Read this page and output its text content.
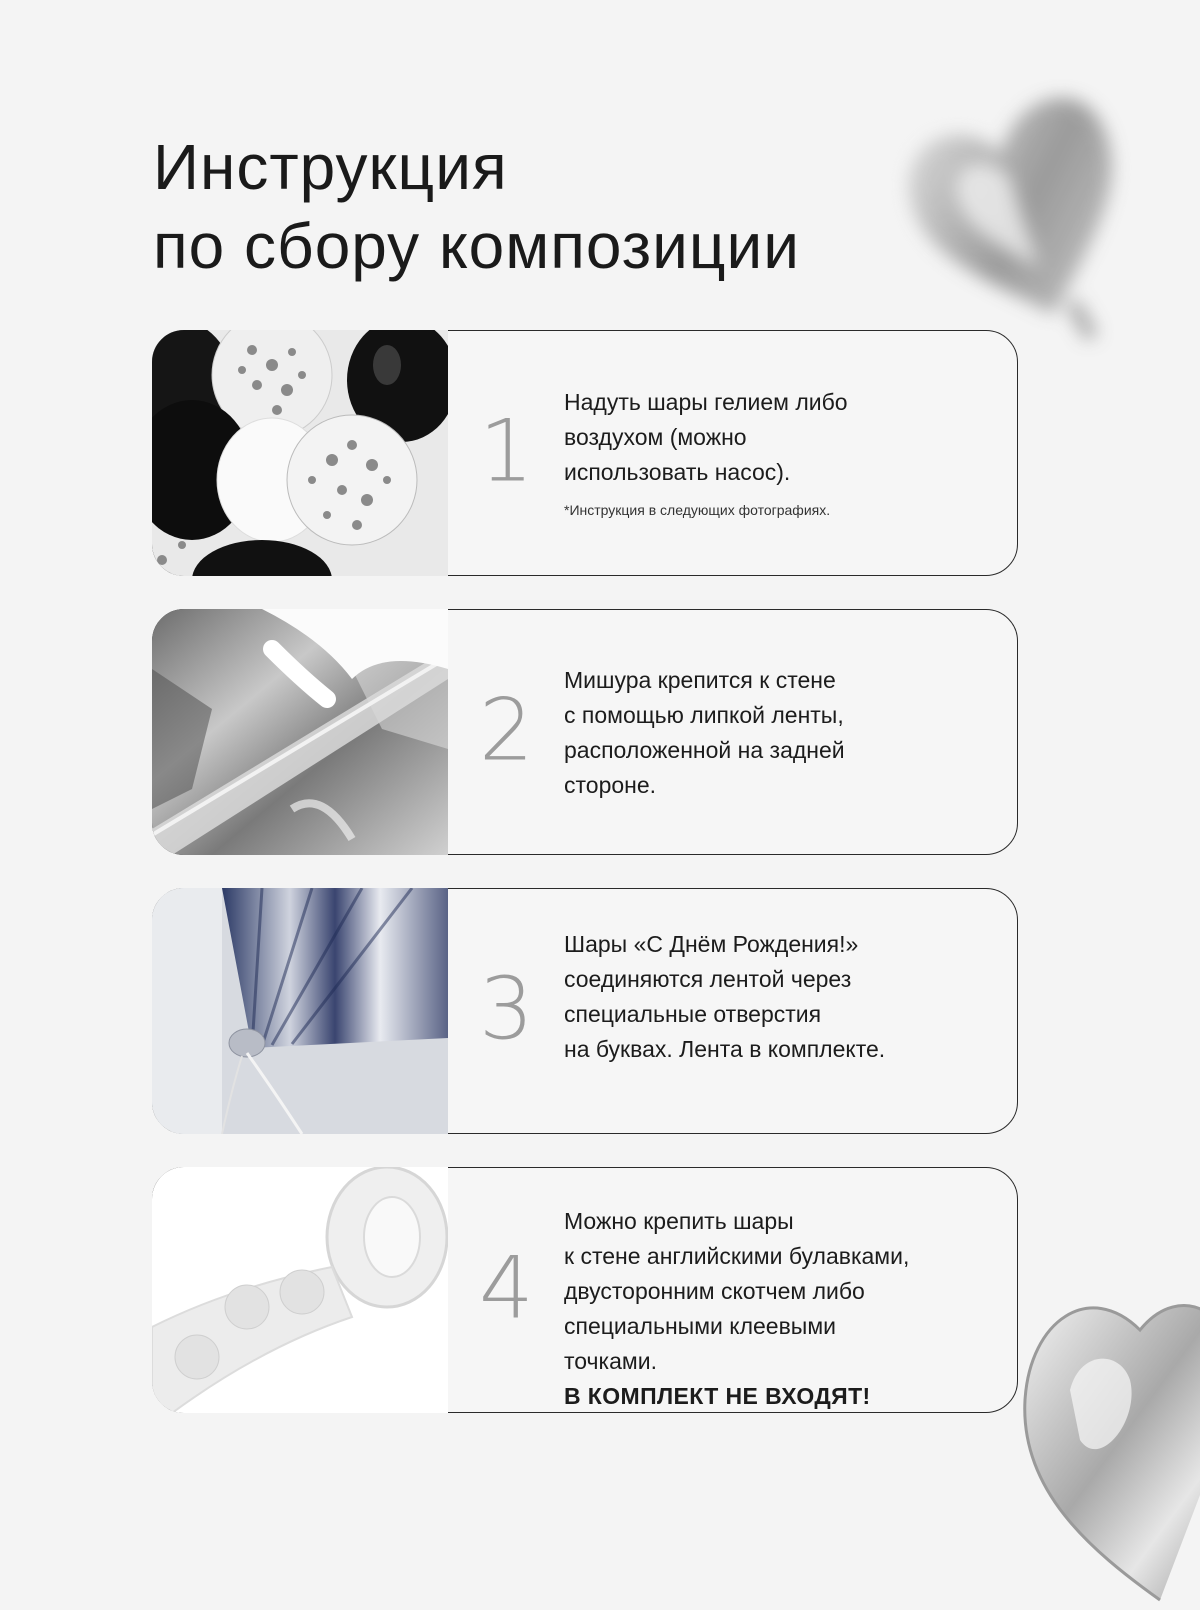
Инструкция
по сбору композиции
1 Надуть шары гелием либо

воздухом (можно

использовать насос).

*Инструкция в следующих фотографиях.

2

Мишура крепится к стене

с помощью липкой ленты,

расположенной на задней

стороне.

3

Шары «С Днём Рождения!»

соединяются лентой через

специальные отверстия

на буквах. Лента в комплекте.

4

Можно крепить шары

к стене английскими булавками,

двусторонним скотчем либо

специальными клеевыми

точками.

В КОМПЛЕКТ НЕ ВХОДЯТ!
